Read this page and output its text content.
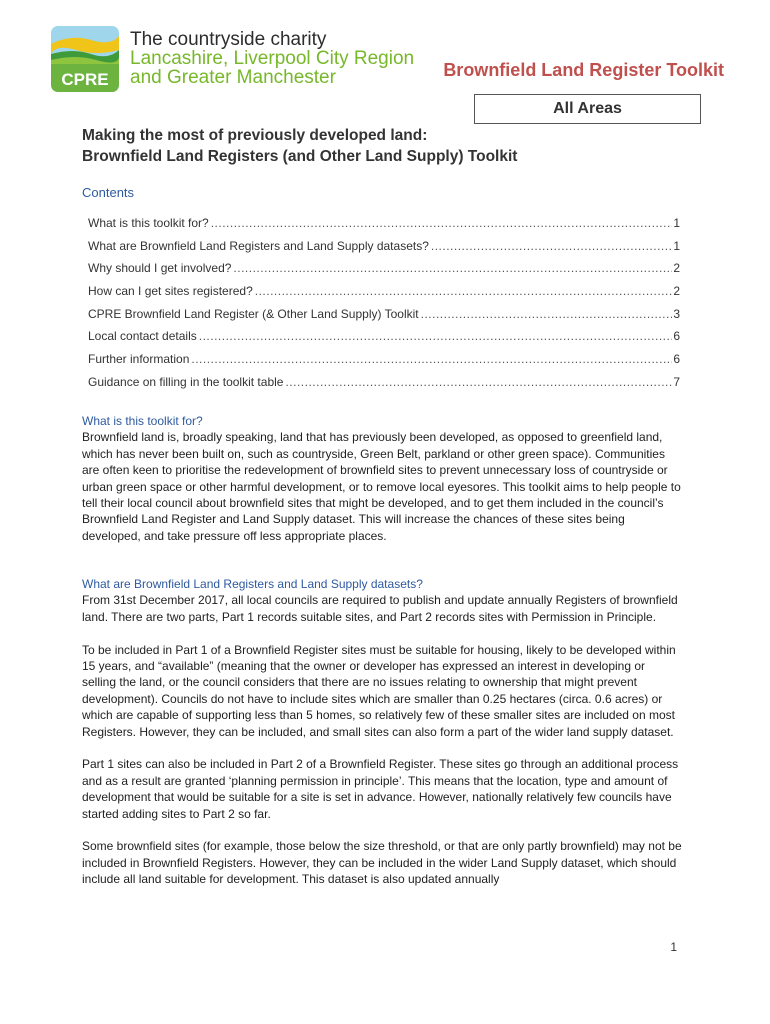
CPRE
The countryside charity
Lancashire, Liverpool City Region
and Greater Manchester	Brownfield Land Register Toolkit
All Areas
Making the most of previously developed land:
Brownfield Land Registers (and Other Land Supply) Toolkit
Contents
What is this toolkit for? .....	1
What are Brownfield Land Registers and Land Supply datasets? .....	1
Why should I get involved? .....	2
How can I get sites registered? .....	2
CPRE Brownfield Land Register (& Other Land Supply) Toolkit .....	3
Local contact details .....	6
Further information .....	6
Guidance on filling in the toolkit table .....	7
What is this toolkit for?

Brownfield land is, broadly speaking, land that has previously been developed, as opposed to greenfield land, which has never been built on, such as countryside, Green Belt, parkland or other green space). Communities are often keen to prioritise the redevelopment of brownfield sites to prevent unnecessary loss of countryside or urban green space or other harmful development, or to remove local eyesores. This toolkit aims to help people to tell their local council about brownfield sites that might be developed, and to get them included in the council’s Brownfield Land Register and Land Supply dataset. This will increase the chances of these sites being developed, and take pressure off less appropriate places.

What are Brownfield Land Registers and Land Supply datasets?

From 31st December 2017, all local councils are required to publish and update annually Registers of brownfield land. There are two parts, Part 1 records suitable sites, and Part 2 records sites with Permission in Principle.

To be included in Part 1 of a Brownfield Register sites must be suitable for housing, likely to be developed within 15 years, and “available” (meaning that the owner or developer has expressed an interest in developing or selling the land, or the council considers that there are no issues relating to ownership that might prevent development). Councils do not have to include sites which are smaller than 0.25 hectares (circa. 0.6 acres) or which are capable of supporting less than 5 homes, so relatively few of these smaller sites are included on most Registers. However, they can be included, and small sites can also form a part of the wider land supply dataset.

Part 1 sites can also be included in Part 2 of a Brownfield Register. These sites go through an additional process and as a result are granted ‘planning permission in principle’. This means that the location, type and amount of development that would be suitable for a site is set in advance. However, nationally relatively few councils have started adding sites to Part 2 so far.

Some brownfield sites (for example, those below the size threshold, or that are only partly brownfield) may not be included in Brownfield Registers. However, they can be included in the wider Land Supply dataset, which should include all land suitable for development. This dataset is also updated annually

1
